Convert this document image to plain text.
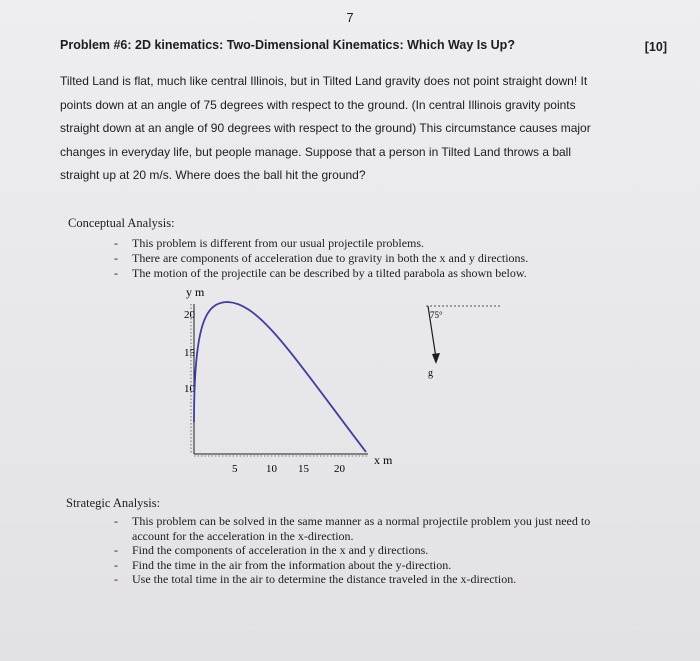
7
Problem #6: 2D kinematics: Two-Dimensional Kinematics: Which Way Is Up?	[10]
Tilted Land is flat, much like central Illinois, but in Tilted Land gravity does not point straight down! It
points down at an angle of 75 degrees with respect to the ground. (In central Illinois gravity points
straight down at an angle of 90 degrees with respect to the ground) This circumstance causes major
changes in everyday life, but people manage. Suppose that a person in Tilted Land throws a ball
straight up at 20 m/s. Where does the ball hit the ground?
Conceptual Analysis:
- This problem is different from our usual projectile problems.
- There are components of acceleration due to gravity in both the x and y directions.
- The motion of the projectile can be described by a tilted parabola as shown below.
y m
20
15
10
5	10 15 20
x m
75°
g
Strategic Analysis:
- This problem can be solved in the same manner as a normal projectile problem you just need to account for the acceleration in the x-direction.
- Find the components of acceleration in the x and y directions.
- Find the time in the air from the information about the y-direction.
- Use the total time in the air to determine the distance traveled in the x-direction.
